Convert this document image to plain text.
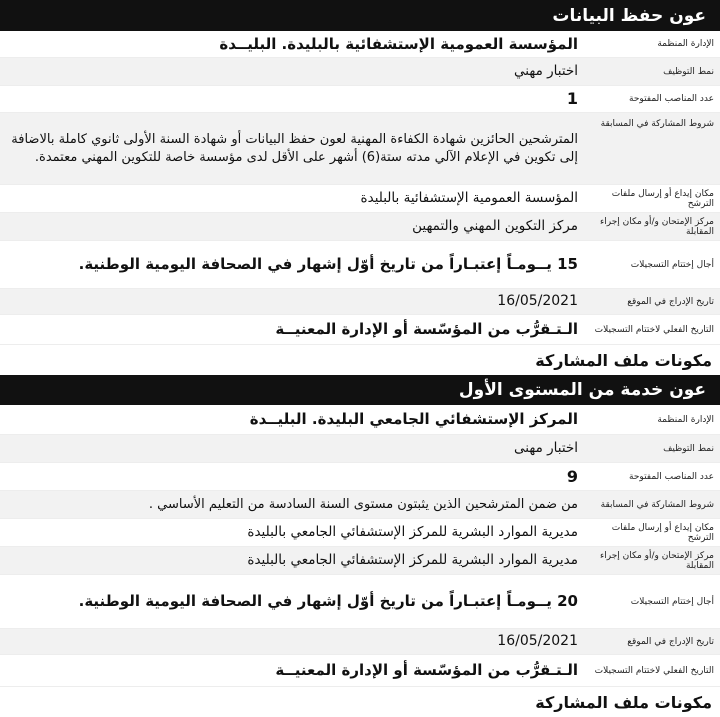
عون حفظ البيانات
الإدارة المنظمة
المؤسسة العمومية الإستشفائية بالبليدة. البليــدة
نمط التوظيف
اختبار مهني
عدد المناصب المفتوحة
1
شروط المشاركة في المسابقة
المترشحين الحائزين شهادة الكفاءة المهنية لعون حفظ البيانات أو شهادة السنة الأولى ثانوي كاملة بالاضافة إلى تكوين في الإعلام الآلي مدته ستة(6) أشهر على الأقل لدى مؤسسة خاصة للتكوين المهني معتمدة.
مكان إيداع أو إرسال ملفات الترشح
المؤسسة العمومية الإستشفائية بالبليدة
مركز الإمتحان و/أو مكان إجراء المقابلة
مركز التكوين المهني والتمهين
أجال إختتام التسجيلات
15 يــومـاً إعتبـاراً من تاريخ أوّل إشهار في الصحافة اليومية الوطنية.
تاريخ الإدراج في الموقع
16/05/2021
التاريخ الفعلي لاختتام التسجيلات
الـتـقرُّب من المؤسّسة أو الإدارة المعنيــة
مكونات ملف المشاركة
عون خدمة من المستوى الأول
الإدارة المنظمة
المركز الإستشفائي الجامعي البليدة. البليــدة
نمط التوظيف
اختبار مهنى
عدد المناصب المفتوحة
9
شروط المشاركة في المسابقة
من ضمن المترشحين الذين يثبتون مستوى السنة السادسة من التعليم الأساسي .
مكان إيداع أو إرسال ملفات الترشح
مديرية الموارد البشرية للمركز الإستشفائي الجامعي بالبليدة
مركز الإمتحان و/أو مكان إجراء المقابلة
مديرية الموارد البشرية للمركز الإستشفائي الجامعي بالبليدة
أجال إختتام التسجيلات
20 يــومـاً إعتبـاراً من تاريخ أوّل إشهار في الصحافة اليومية الوطنية.
تاريخ الإدراج في الموقع
16/05/2021
التاريخ الفعلي لاختتام التسجيلات
الـتـقرُّب من المؤسّسة أو الإدارة المعنيــة
مكونات ملف المشاركة
